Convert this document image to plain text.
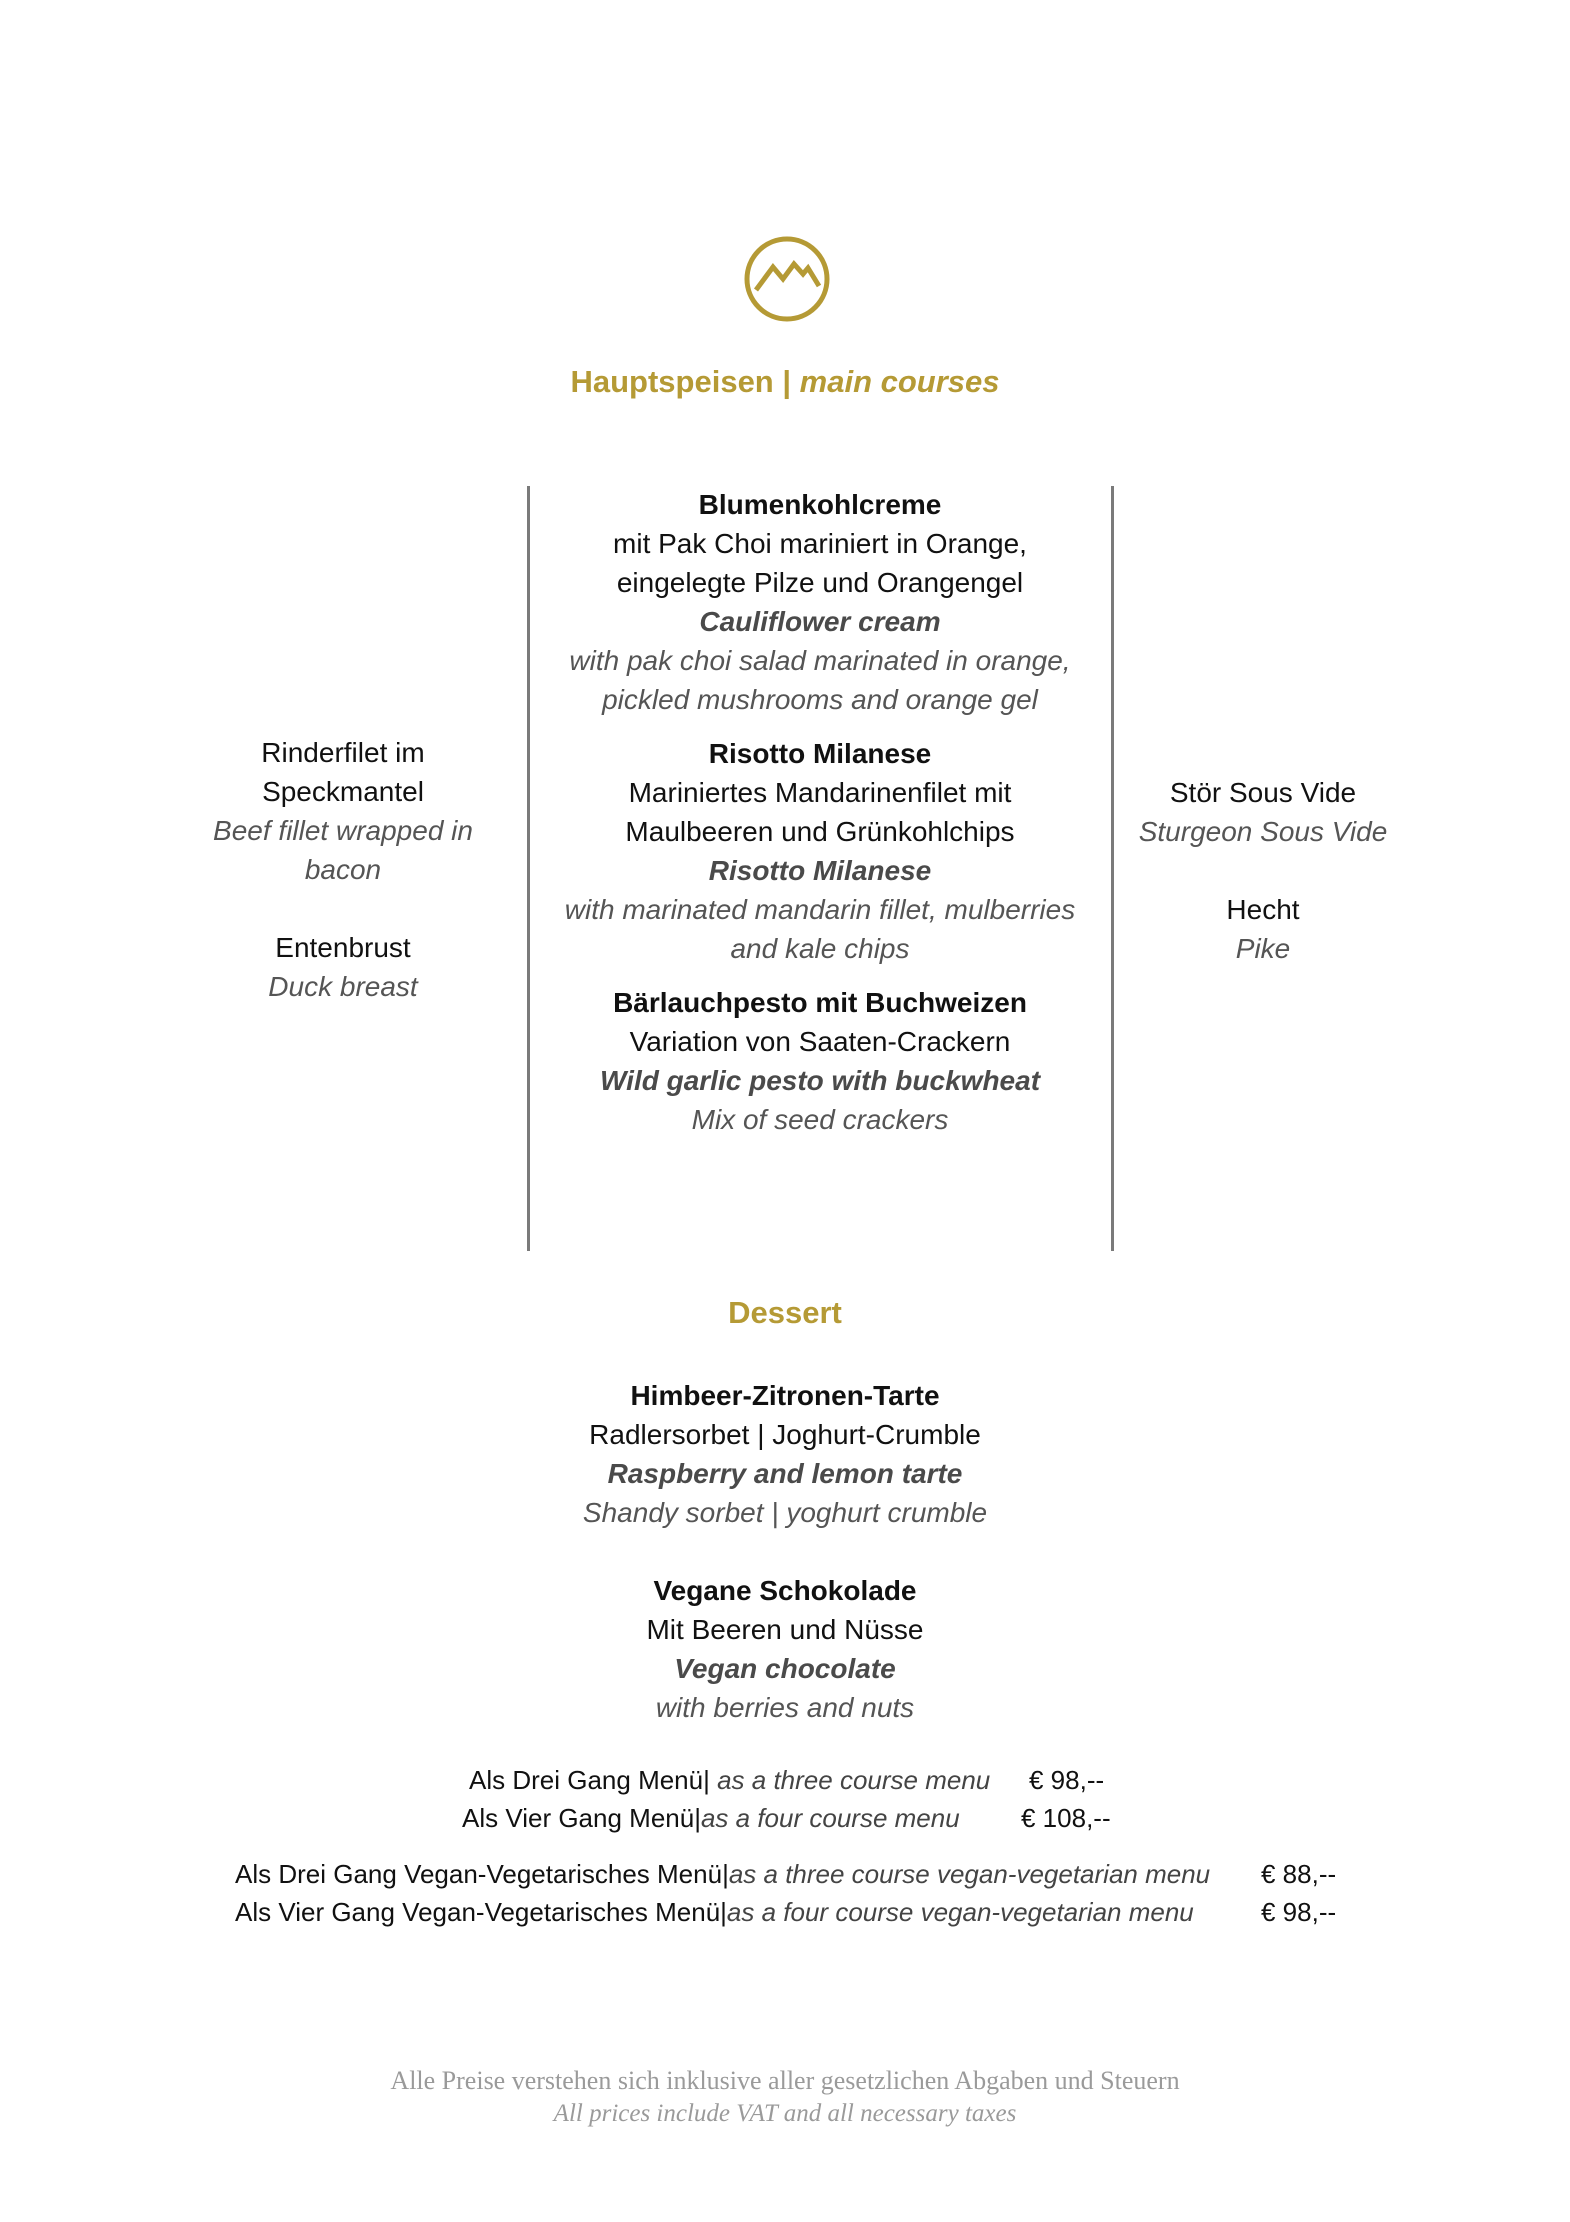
Hauptspeisen | main courses

Rinderfilet im Speckmantel

Beef fillet wrapped in bacon

Entenbrust

Duck breast

Blumenkohlcreme

mit Pak Choi mariniert in Orange,

eingelegte Pilze und Orangengel

Cauliflower cream

with pak choi salad marinated in orange,

pickled mushrooms and orange gel

Risotto Milanese

Mariniertes Mandarinenfilet mit

Maulbeeren und Grünkohlchips

Risotto Milanese

with marinated mandarin fillet, mulberries

and kale chips

Bärlauchpesto mit Buchweizen

Variation von Saaten-Crackern

Wild garlic pesto with buckwheat

Mix of seed crackers

Stör Sous Vide

Sturgeon Sous Vide

Hecht

Pike

Dessert

Himbeer-Zitronen-Tarte

Radlersorbet | Joghurt-Crumble

Raspberry and lemon tarte

Shandy sorbet | yoghurt crumble

Vegane Schokolade

Mit Beeren und Nüsse

Vegan chocolate

with berries and nuts

Als Drei Gang Menü| as a three course menu € 98,--
Als Vier Gang Menü|as a four course menu € 108,--
Als Drei Gang Vegan-Vegetarisches Menü|as a three course vegan-vegetarian menu € 88,--
Als Vier Gang Vegan-Vegetarisches Menü|as a four course vegan-vegetarian menu	€ 98,--
Alle Preise verstehen sich inklusive aller gesetzlichen Abgaben und Steuern
All prices include VAT and all necessary taxes
